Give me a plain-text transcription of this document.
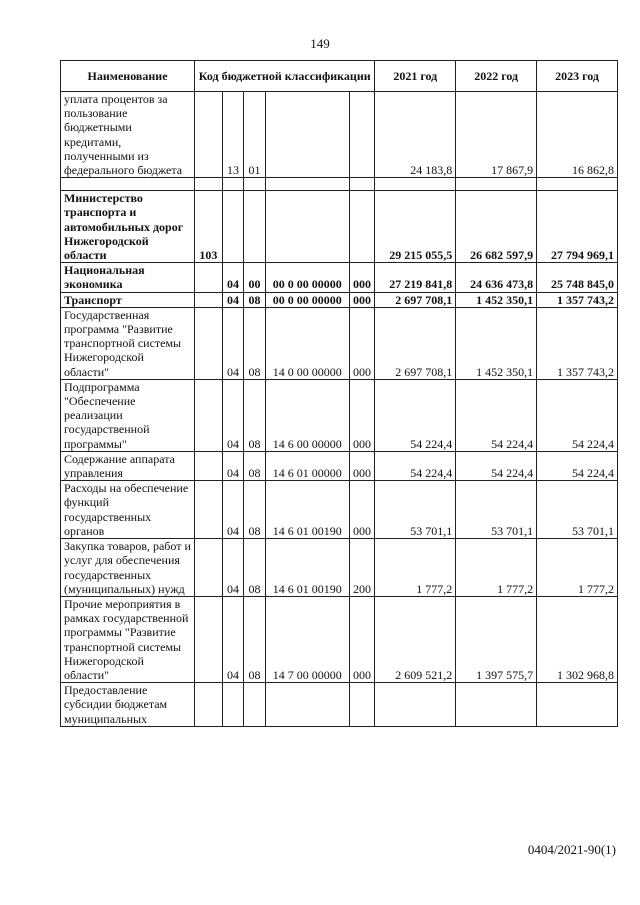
149
Наименование	Код бюджетной классификации					2021 год	2022 год	2023 год
уплата процентов за пользование бюджетными кредитами, полученными из федерального бюджета		13	01			24 183,8	17 867,9	16 862,8

Министерство транспорта и автомобильных дорог Нижегородской области	103					29 215 055,5	26 682 597,9	27 794 969,1
Национальная экономика		04	00	00 0 00 00000	000	27 219 841,8	24 636 473,8	25 748 845,0
Транспорт		04	08	00 0 00 00000	000	2 697 708,1	1 452 350,1	1 357 743,2
Государственная программа "Развитие транспортной системы Нижегородской области"		04	08	14 0 00 00000	000	2 697 708,1	1 452 350,1	1 357 743,2
Подпрограмма "Обеспечение реализации государственной программы"		04	08	14 6 00 00000	000	54 224,4	54 224,4	54 224,4
Содержание аппарата управления		04	08	14 6 01 00000	000	54 224,4	54 224,4	54 224,4
Расходы на обеспечение функций государственных органов		04	08	14 6 01 00190	000	53 701,1	53 701,1	53 701,1
Закупка товаров, работ и услуг для обеспечения государственных (муниципальных) нужд		04	08	14 6 01 00190	200	1 777,2	1 777,2	1 777,2
Прочие мероприятия в рамках государственной программы "Развитие транспортной системы Нижегородской области"		04	08	14 7 00 00000	000	2 609 521,2	1 397 575,7	1 302 968,8
Предоставление субсидии бюджетам муниципальных								
0404/2021-90(1)
